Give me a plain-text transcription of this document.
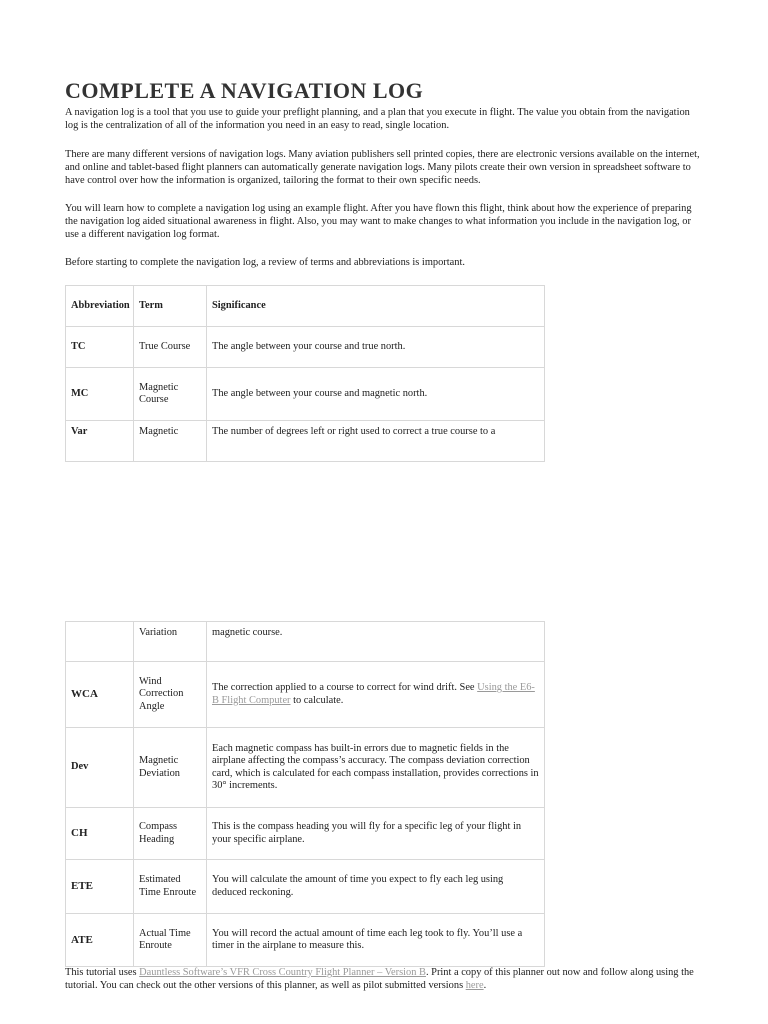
COMPLETE A NAVIGATION LOG

A navigation log is a tool that you use to guide your preflight planning, and a plan that you execute in flight. The value you obtain from the navigation log is the centralization of all of the information you need in an easy to read, single location.

There are many different versions of navigation logs. Many aviation publishers sell printed copies, there are electronic versions available on the internet, and online and tablet-based flight planners can automatically generate navigation logs. Many pilots create their own version in spreadsheet software to have control over how the information is organized, tailoring the format to their own specific needs.

You will learn how to complete a navigation log using an example flight. After you have flown this flight, think about how the experience of preparing the navigation log aided situational awareness in flight. Also, you may want to make changes to what information you include in the navigation log, or use a different navigation log format.

Before starting to complete the navigation log, a review of terms and abbreviations is important.

Abbreviation	Term	Significance
TC	True Course	The angle between your course and true north.
MC	Magnetic Course	The angle between your course and magnetic north.
Var	Magnetic	The number of degrees left or right used to correct a true course to a
	Variation	magnetic course.
WCA	Wind Correction Angle	The correction applied to a course to correct for wind drift. See Using the E6-B Flight Computer to calculate.
Dev	Magnetic Deviation	Each magnetic compass has built-in errors due to magnetic fields in the airplane affecting the compass’s accuracy. The compass deviation correction card, which is calculated for each compass installation, provides corrections in 30° increments.
CH	Compass Heading	This is the compass heading you will fly for a specific leg of your flight in your specific airplane.
ETE	Estimated Time Enroute	You will calculate the amount of time you expect to fly each leg using deduced reckoning.
ATE	Actual Time Enroute	You will record the actual amount of time each leg took to fly. You’ll use a timer in the airplane to measure this.

This tutorial uses Dauntless Software’s VFR Cross Country Flight Planner – Version B. Print a copy of this planner out now and follow along using the tutorial. You can check out the other versions of this planner, as well as pilot submitted versions here.
